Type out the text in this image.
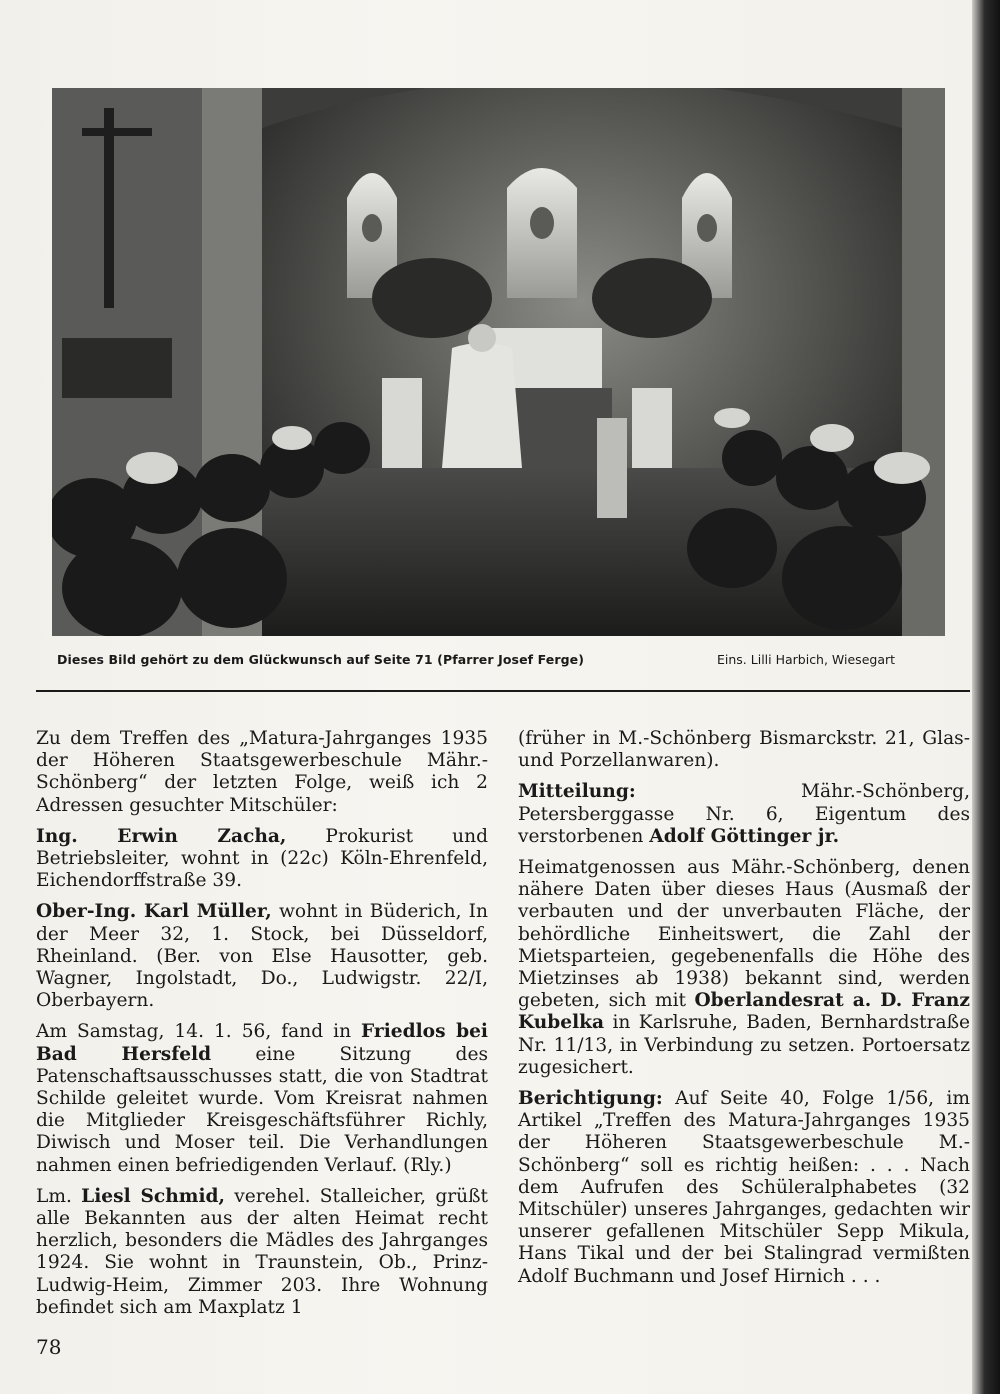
Dieses Bild gehört zu dem Glückwunsch auf Seite 71 (Pfarrer Josef Ferge)	Eins. Lilli Harbich, Wiesegart

Zu dem Treffen des „Matura-Jahrganges 1935 der Höheren Staatsgewerbeschule Mähr.-Schönberg“ der letzten Folge, weiß ich 2 Adressen gesuchter Mitschüler:

Ing. Erwin Zacha, Prokurist und Betriebsleiter, wohnt in (22c) Köln-Ehrenfeld, Eichendorffstraße 39.

Ober-Ing. Karl Müller, wohnt in Büderich, In der Meer 32, 1. Stock, bei Düsseldorf, Rheinland. (Ber. von Else Hausotter, geb. Wagner, Ingolstadt, Do., Ludwigstr. 22/I, Oberbayern.

Am Samstag, 14. 1. 56, fand in Friedlos bei Bad Hersfeld eine Sitzung des Patenschaftsausschusses statt, die von Stadtrat Schilde geleitet wurde. Vom Kreisrat nahmen die Mitglieder Kreisgeschäftsführer Richly, Diwisch und Moser teil. Die Verhandlungen nahmen einen befriedigenden Verlauf. (Rly.)

Lm. Liesl Schmid, verehel. Stalleicher, grüßt alle Bekannten aus der alten Heimat recht herzlich, besonders die Mädles des Jahrganges 1924. Sie wohnt in Traunstein, Ob., Prinz-Ludwig-Heim, Zimmer 203. Ihre Wohnung befindet sich am Maxplatz 1

(früher in M.-Schönberg Bismarckstr. 21, Glas- und Porzellanwaren).

Mitteilung: Mähr.-Schönberg, Petersberggasse Nr. 6, Eigentum des verstorbenen Adolf Göttinger jr.

Heimatgenossen aus Mähr.-Schönberg, denen nähere Daten über dieses Haus (Ausmaß der verbauten und der unverbauten Fläche, der behördliche Einheitswert, die Zahl der Mietsparteien, gegebenenfalls die Höhe des Mietzinses ab 1938) bekannt sind, werden gebeten, sich mit Oberlandesrat a. D. Franz Kubelka in Karlsruhe, Baden, Bernhardstraße Nr. 11/13, in Verbindung zu setzen. Portoersatz zugesichert.

Berichtigung: Auf Seite 40, Folge 1/56, im Artikel „Treffen des Matura-Jahrganges 1935 der Höheren Staatsgewerbeschule M.-Schönberg“ soll es richtig heißen: . . . Nach dem Aufrufen des Schüleralphabetes (32 Mitschüler) unseres Jahrganges, gedachten wir unserer gefallenen Mitschüler Sepp Mikula, Hans Tikal und der bei Stalingrad vermißten Adolf Buchmann und Josef Hirnich . . .

78
